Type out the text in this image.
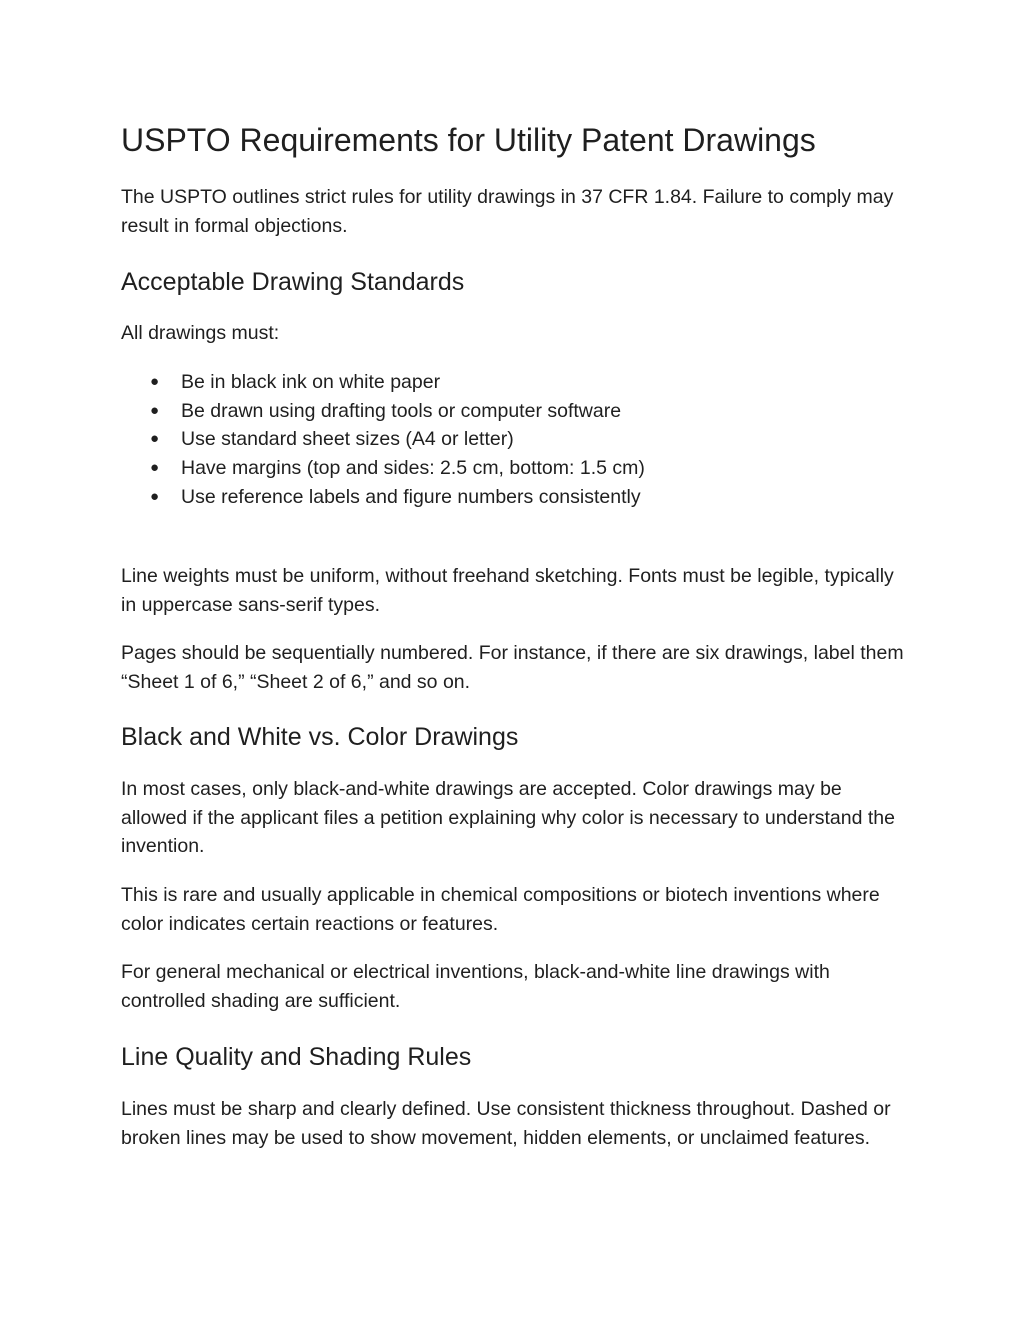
USPTO Requirements for Utility Patent Drawings

The USPTO outlines strict rules for utility drawings in 37 CFR 1.84. Failure to comply may result in formal objections.

Acceptable Drawing Standards

All drawings must:

● Be in black ink on white paper
● Be drawn using drafting tools or computer software
● Use standard sheet sizes (A4 or letter)
● Have margins (top and sides: 2.5 cm, bottom: 1.5 cm)
● Use reference labels and figure numbers consistently

Line weights must be uniform, without freehand sketching. Fonts must be legible, typically in uppercase sans-serif types.

Pages should be sequentially numbered. For instance, if there are six drawings, label them “Sheet 1 of 6,” “Sheet 2 of 6,” and so on.

Black and White vs. Color Drawings

In most cases, only black-and-white drawings are accepted. Color drawings may be allowed if the applicant files a petition explaining why color is necessary to understand the invention.

This is rare and usually applicable in chemical compositions or biotech inventions where color indicates certain reactions or features.

For general mechanical or electrical inventions, black-and-white line drawings with controlled shading are sufficient.

Line Quality and Shading Rules

Lines must be sharp and clearly defined. Use consistent thickness throughout. Dashed or broken lines may be used to show movement, hidden elements, or unclaimed features.
